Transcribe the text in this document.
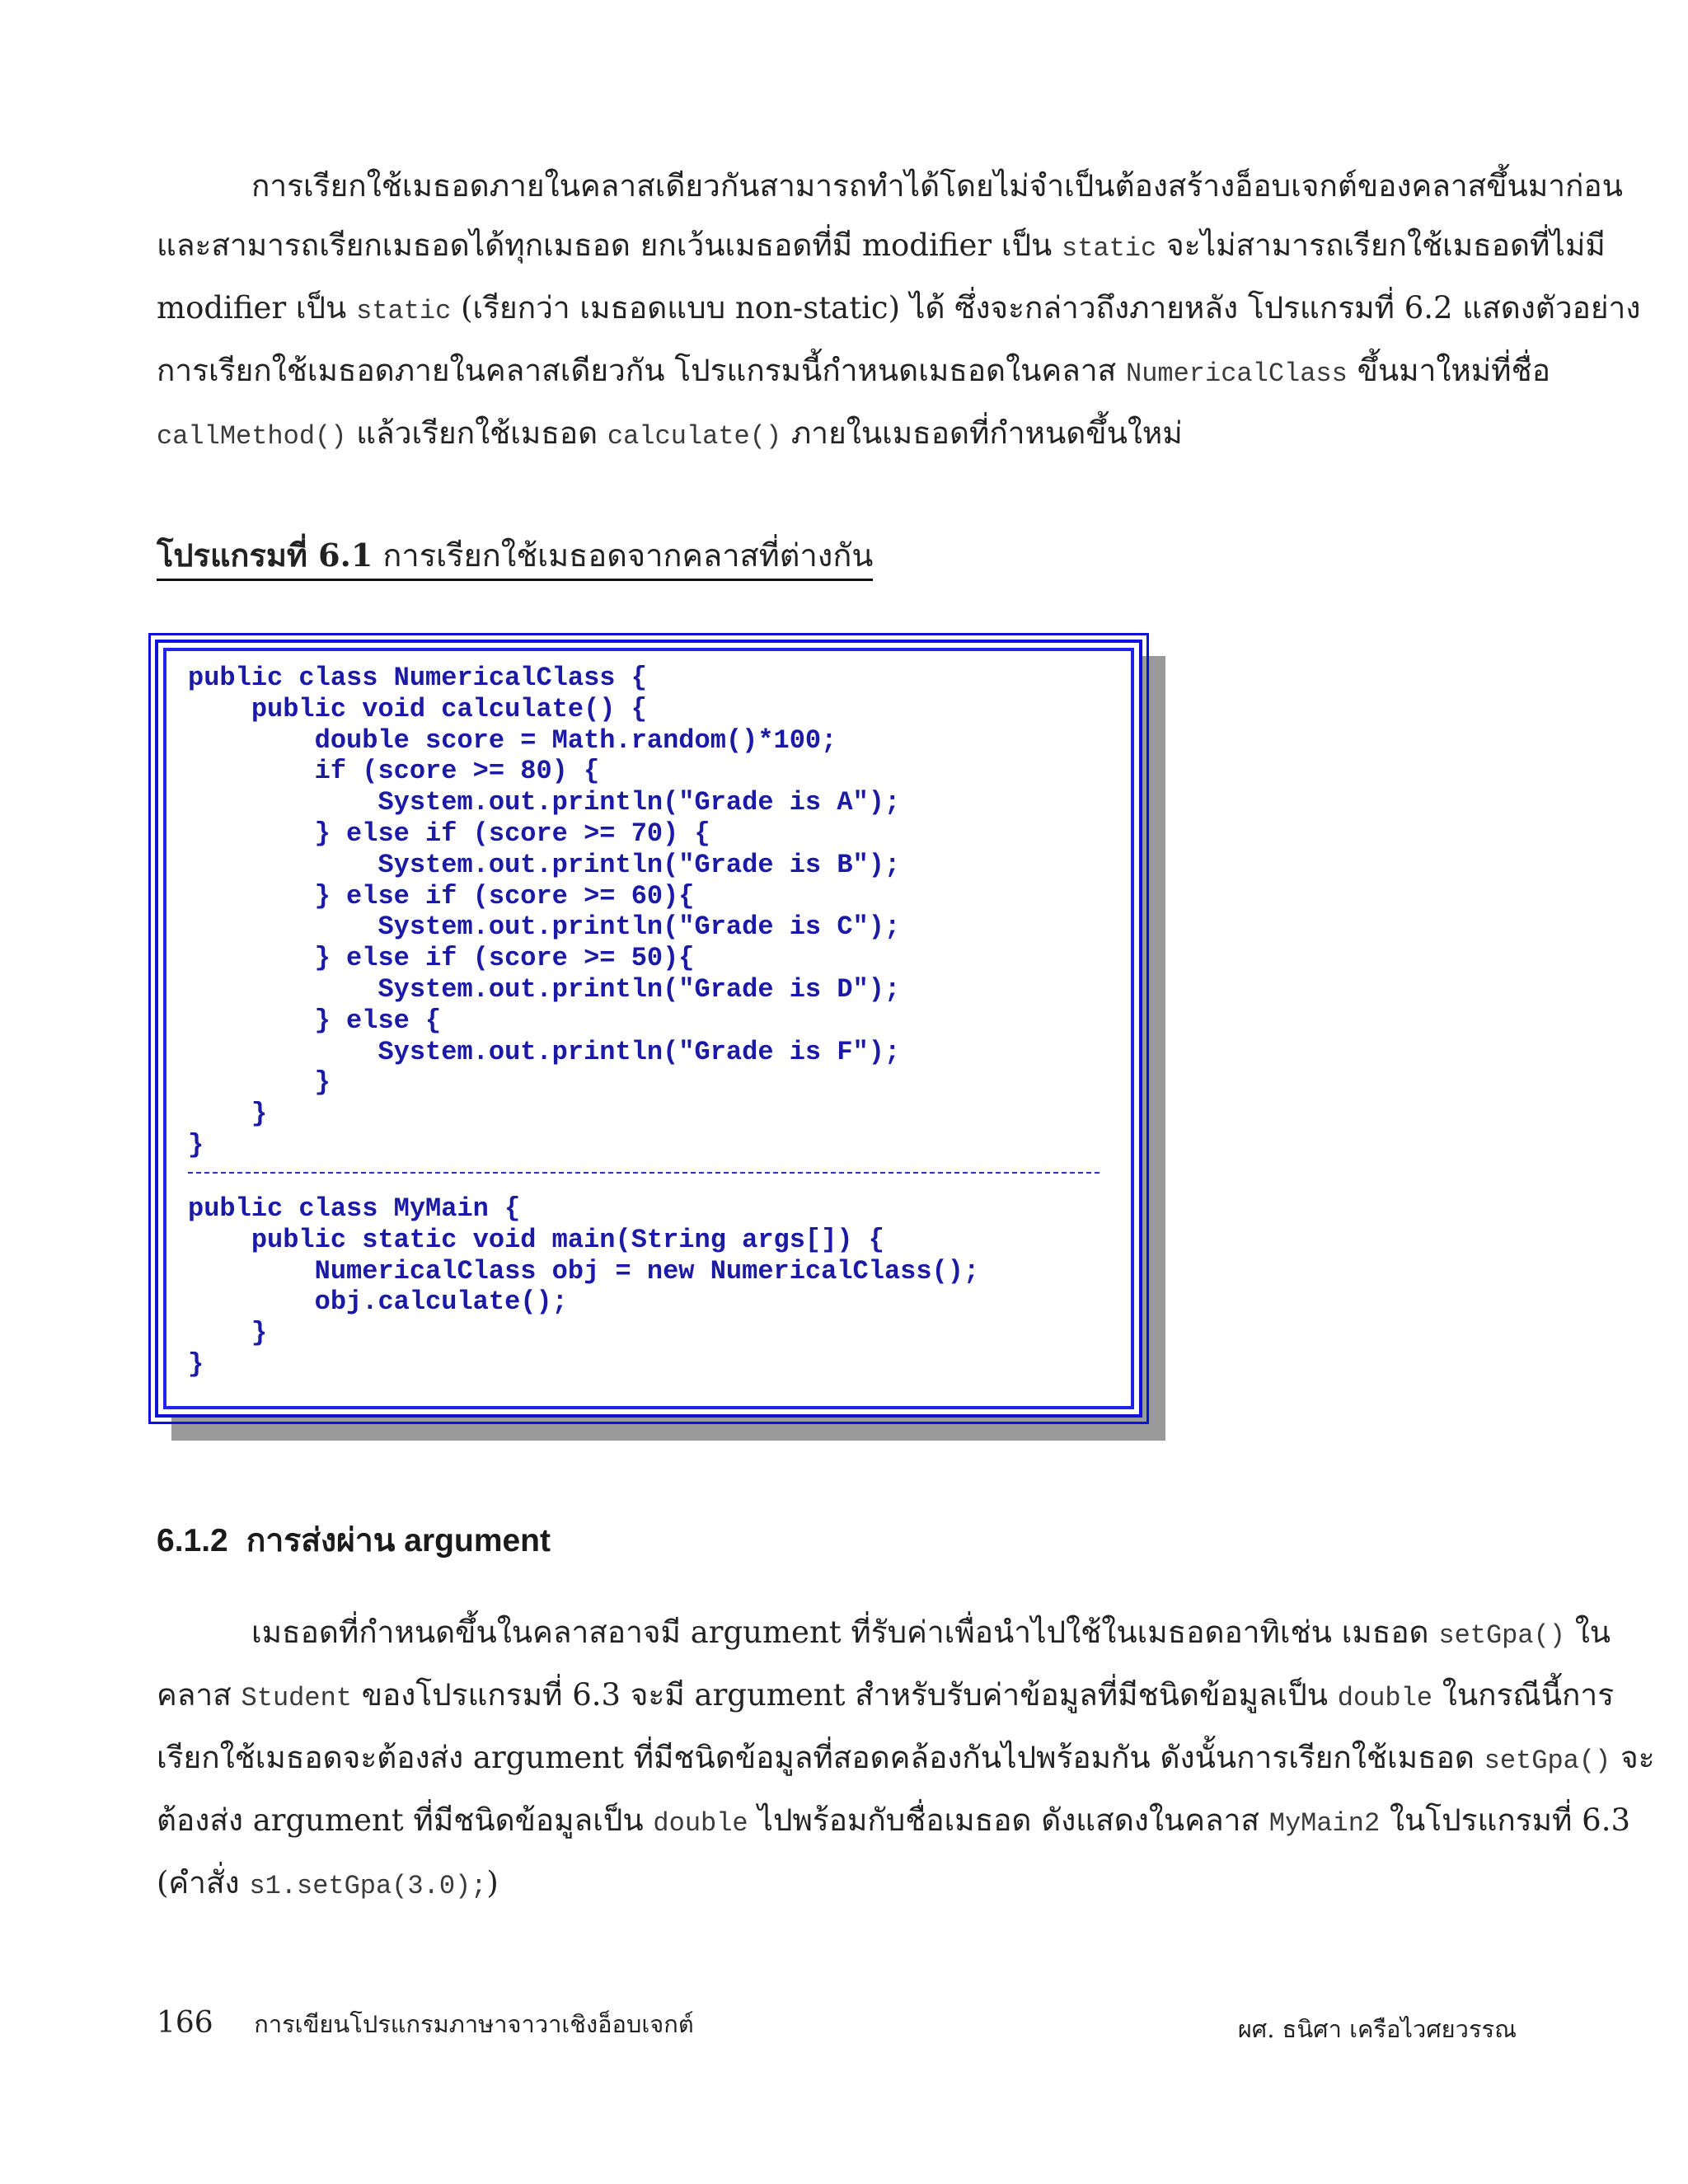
การเรียกใช้เมธอดภายในคลาสเดียวกันสามารถทำได้โดยไม่จำเป็นต้องสร้างอ็อบเจกต์ของคลาสขึ้นมาก่อน
และสามารถเรียกเมธอดได้ทุกเมธอด ยกเว้นเมธอดที่มี modifier เป็น static จะไม่สามารถเรียกใช้เมธอดที่ไม่มี
modifier เป็น static (เรียกว่า เมธอดแบบ non-static) ได้ ซึ่งจะกล่าวถึงภายหลัง โปรแกรมที่ 6.2 แสดงตัวอย่าง
การเรียกใช้เมธอดภายในคลาสเดียวกัน โปรแกรมนี้กำหนดเมธอดในคลาส NumericalClass ขึ้นมาใหม่ที่ชื่อ
callMethod() แล้วเรียกใช้เมธอด calculate() ภายในเมธอดที่กำหนดขึ้นใหม่
โปรแกรมที่ 6.1 การเรียกใช้เมธอดจากคลาสที่ต่างกัน
public class NumericalClass {
public void calculate() {
double score = Math.random()*100;
if (score >= 80) {
System.out.println("Grade is A");
} else if (score >= 70) {
System.out.println("Grade is B");
} else if (score >= 60){
System.out.println("Grade is C");
} else if (score >= 50){
System.out.println("Grade is D");
} else {
System.out.println("Grade is F");
}
}
}
public class MyMain {
public static void main(String args[]) {
NumericalClass obj = new NumericalClass();
obj.calculate();
}
}
6.1.2 การส่งผ่าน argument
เมธอดที่กำหนดขึ้นในคลาสอาจมี argument ที่รับค่าเพื่อนำไปใช้ในเมธอดอาทิเช่น เมธอด setGpa() ใน
คลาส Student ของโปรแกรมที่ 6.3 จะมี argument สำหรับรับค่าข้อมูลที่มีชนิดข้อมูลเป็น double ในกรณีนี้การ
เรียกใช้เมธอดจะต้องส่ง argument ที่มีชนิดข้อมูลที่สอดคล้องกันไปพร้อมกัน ดังนั้นการเรียกใช้เมธอด setGpa() จะ
ต้องส่ง argument ที่มีชนิดข้อมูลเป็น double ไปพร้อมกับชื่อเมธอด ดังแสดงในคลาส MyMain2 ในโปรแกรมที่ 6.3
(คำสั่ง s1.setGpa(3.0);)
166 การเขียนโปรแกรมภาษาจาวาเชิงอ็อบเจกต์	ผศ. ธนิศา เครือไวศยวรรณ
